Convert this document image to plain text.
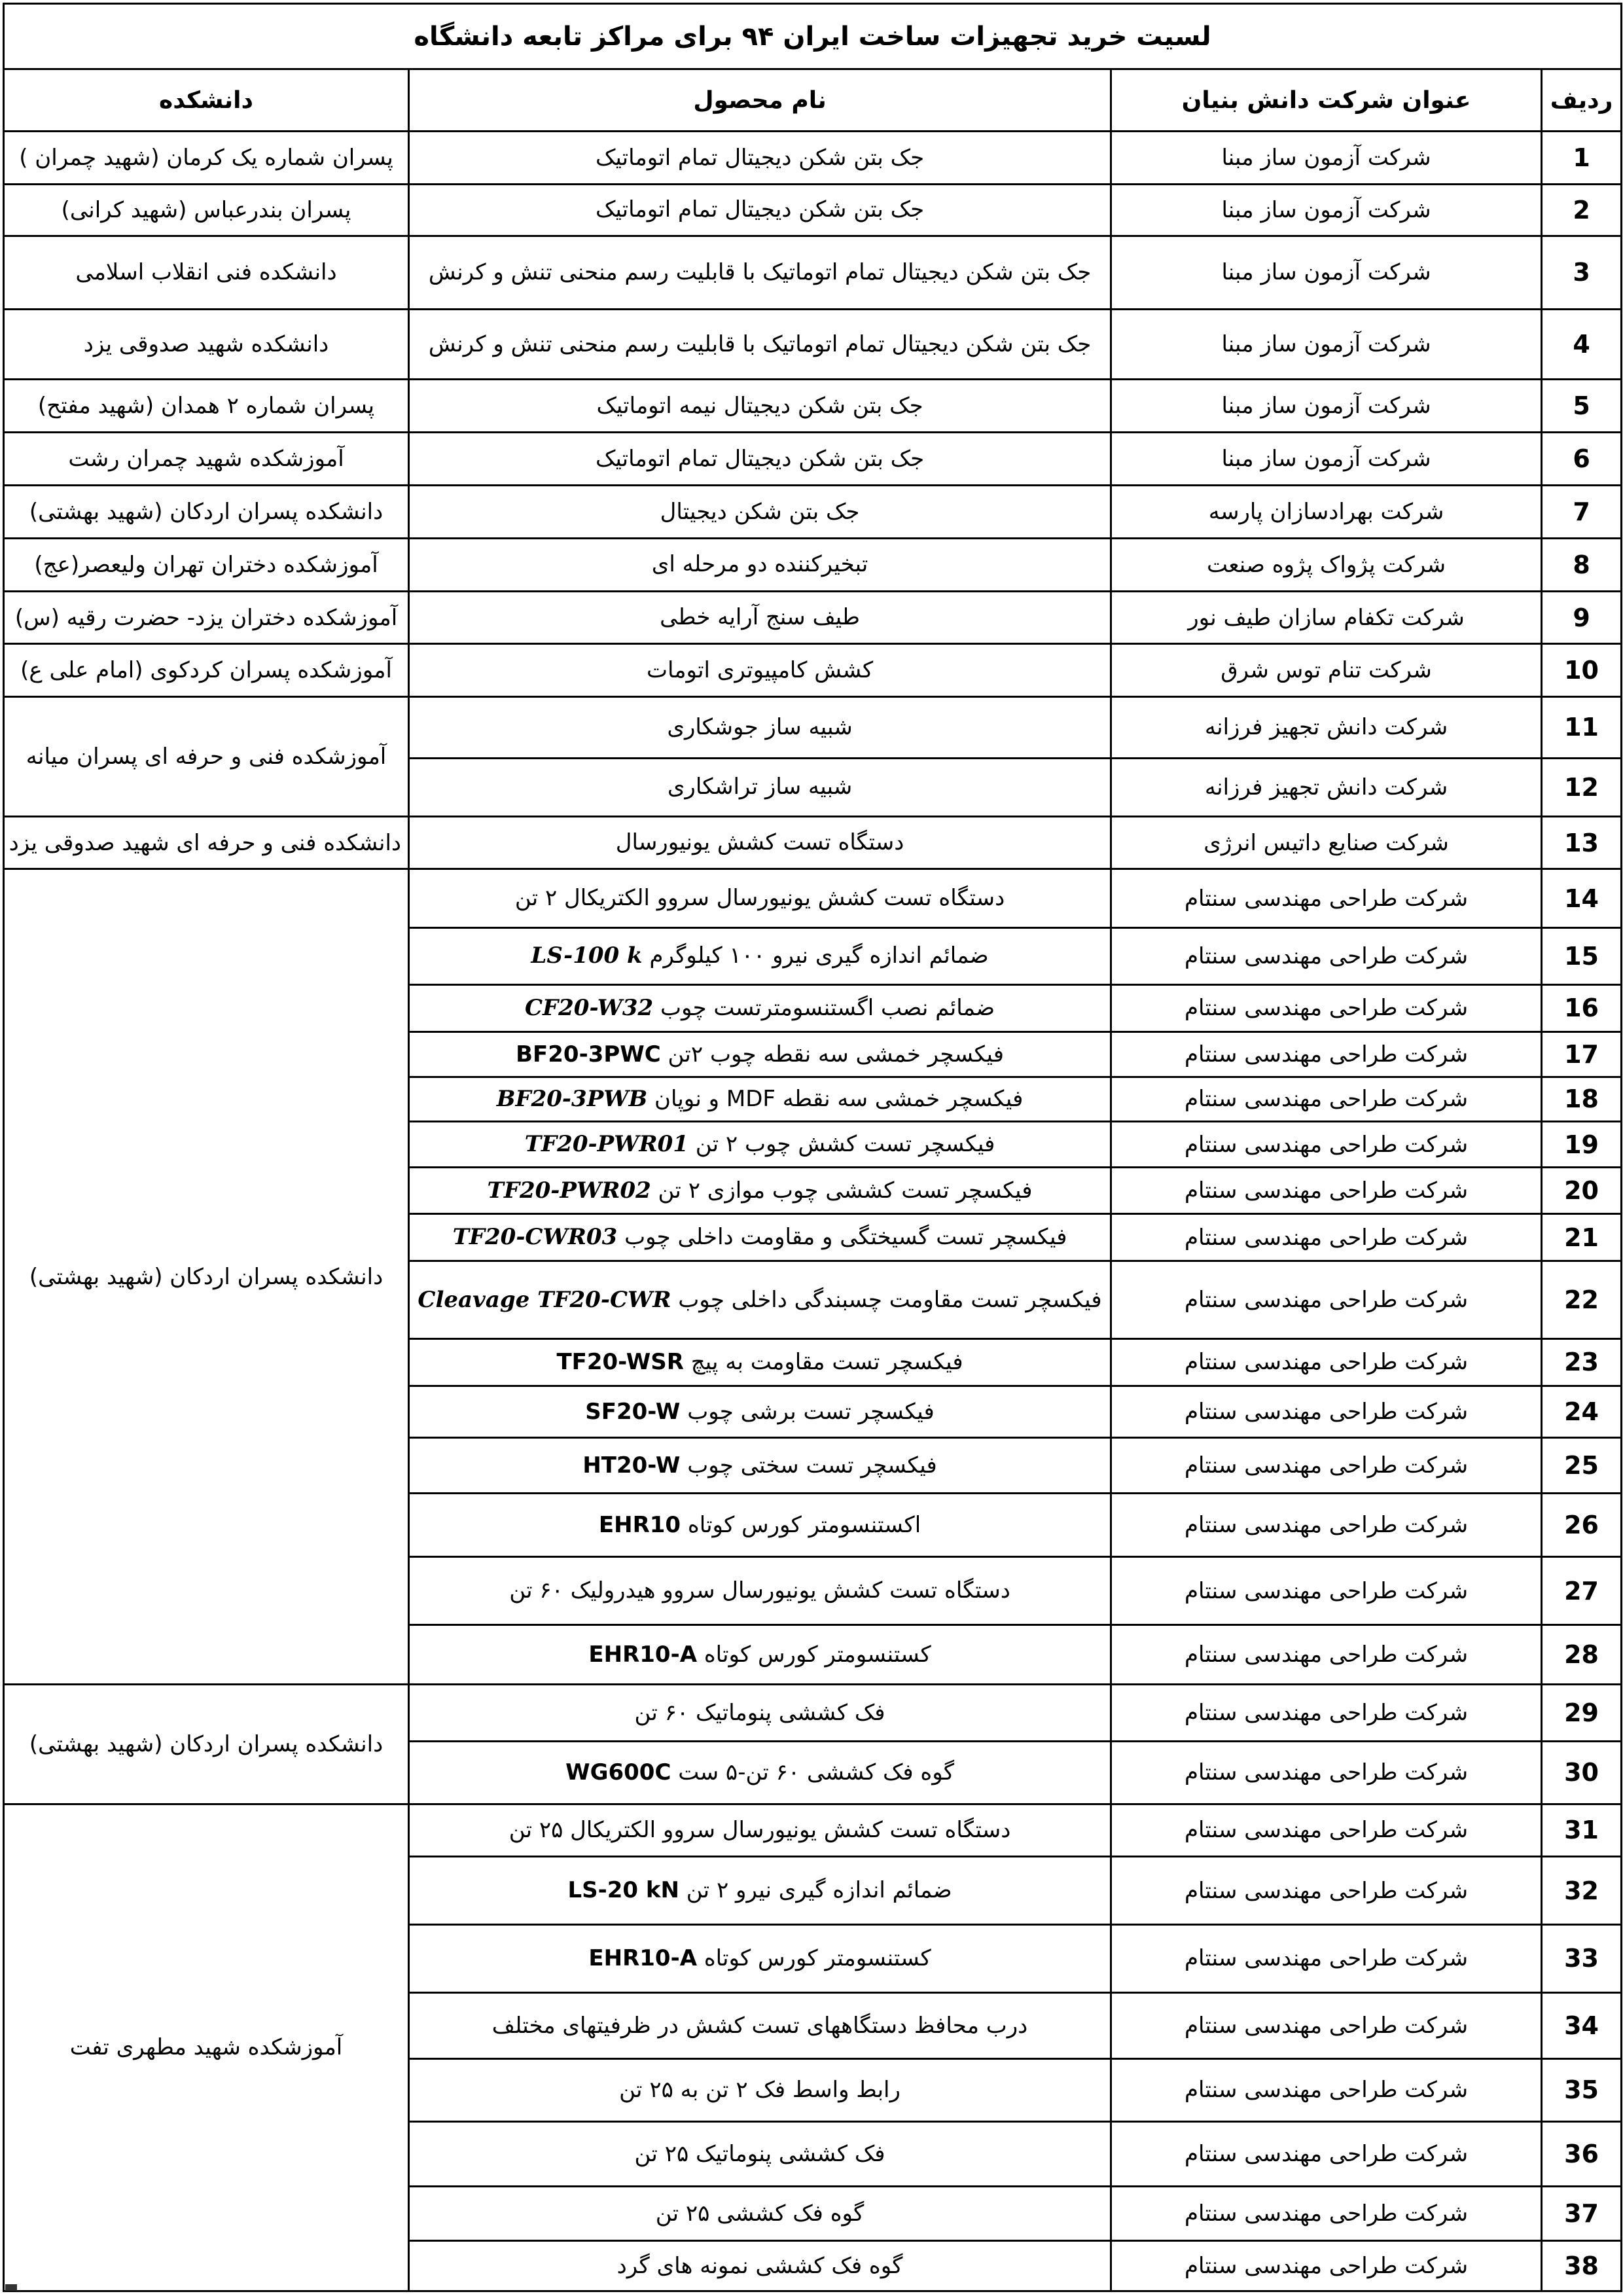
لسیت خرید تجهیزات ساخت ایران ۹۴ برای مراکز تابعه دانشگاه			
ردیف	عنوان شرکت دانش بنیان	نام محصول	دانشکده
1	شرکت آزمون ساز مبنا	جک بتن شکن دیجیتال تمام اتوماتیک	پسران شماره یک کرمان (شهید چمران )
2	شرکت آزمون ساز مبنا	جک بتن شکن دیجیتال تمام اتوماتیک	پسران بندرعباس (شهید کرانی)
3	شرکت آزمون ساز مبنا	جک بتن شکن دیجیتال تمام اتوماتیک با قابلیت رسم منحنی تنش و کرنش	دانشکده فنی انقلاب اسلامی
4	شرکت آزمون ساز مبنا	جک بتن شکن دیجیتال تمام اتوماتیک با قابلیت رسم منحنی تنش و کرنش	دانشکده شهید صدوقی یزد
5	شرکت آزمون ساز مبنا	جک بتن شکن دیجیتال نیمه اتوماتیک	پسران شماره ۲ همدان (شهید مفتح)
6	شرکت آزمون ساز مبنا	جک بتن شکن دیجیتال تمام اتوماتیک	آموزشکده شهید چمران رشت
7	شرکت بهرادسازان پارسه	جک بتن شکن دیجیتال	دانشکده پسران اردکان (شهید بهشتی)
8	شرکت پژواک پژوه صنعت	تبخیرکننده دو مرحله ای	آموزشکده دختران تهران ولیعصر(عج)
9	شرکت تکفام سازان طیف نور	طیف سنج آرایه خطی	آموزشکده دختران یزد- حضرت رقیه (س)
10	شرکت تنام توس شرق	کشش کامپیوتری اتومات	آموزشکده پسران کردکوی (امام علی ع)
11	شرکت دانش تجهیز فرزانه	شبیه ساز جوشکاری	آموزشکده فنی و حرفه ای پسران میانه
12	شرکت دانش تجهیز فرزانه	شبیه ساز تراشکاری	
13	شرکت صنایع داتیس انرژی	دستگاه تست کشش یونیورسال	دانشکده فنی و حرفه ای شهید صدوقی یزد
14	شرکت طراحی مهندسی سنتام	دستگاه تست کشش یونیورسال سروو الکتریکال ۲ تن	دانشکده پسران اردکان (شهید بهشتی)
15	شرکت طراحی مهندسی سنتام	ضمائم اندازه گیری نیرو ۱۰۰ کیلوگرم LS-100 k	
16	شرکت طراحی مهندسی سنتام	ضمائم نصب اگستنسومترتست چوب CF20-W32	
17	شرکت طراحی مهندسی سنتام	فیکسچر خمشی سه نقطه چوب ۲تن BF20-3PWC	
18	شرکت طراحی مهندسی سنتام	فیکسچر خمشی سه نقطه MDF و نوپان BF20-3PWB	
19	شرکت طراحی مهندسی سنتام	فیکسچر تست کشش چوب ۲ تن TF20-PWR01	
20	شرکت طراحی مهندسی سنتام	فیکسچر تست کششی چوب موازی ۲ تن TF20-PWR02	
21	شرکت طراحی مهندسی سنتام	فیکسچر تست گسیختگی و مقاومت داخلی چوب TF20-CWR03	
22	شرکت طراحی مهندسی سنتام	فیکسچر تست مقاومت چسبندگی داخلی چوب Cleavage TF20-CWR	
23	شرکت طراحی مهندسی سنتام	فیکسچر تست مقاومت به پیچ TF20-WSR	
24	شرکت طراحی مهندسی سنتام	فیکسچر تست برشی چوب SF20-W	
25	شرکت طراحی مهندسی سنتام	فیکسچر تست سختی چوب HT20-W	
26	شرکت طراحی مهندسی سنتام	اکستنسومتر کورس کوتاه EHR10	
27	شرکت طراحی مهندسی سنتام	دستگاه تست کشش یونیورسال سروو هیدرولیک ۶۰ تن	
28	شرکت طراحی مهندسی سنتام	کستنسومتر کورس کوتاه EHR10-A	
29	شرکت طراحی مهندسی سنتام	فک کششی پنوماتیک ۶۰ تن	دانشکده پسران اردکان (شهید بهشتی)
30	شرکت طراحی مهندسی سنتام	گوه فک کششی ۶۰ تن-۵ ست WG600C	
31	شرکت طراحی مهندسی سنتام	دستگاه تست کشش یونیورسال سروو الکتریکال ۲۵ تن	آموزشکده شهید مطهری تفت
32	شرکت طراحی مهندسی سنتام	ضمائم اندازه گیری نیرو ۲ تن LS-20 kN	
33	شرکت طراحی مهندسی سنتام	کستنسومتر کورس کوتاه EHR10-A	
34	شرکت طراحی مهندسی سنتام	درب محافظ دستگاههای تست کشش در ظرفیتهای مختلف	
35	شرکت طراحی مهندسی سنتام	رابط واسط فک ۲ تن به ۲۵ تن	
36	شرکت طراحی مهندسی سنتام	فک کششی پنوماتیک ۲۵ تن	
37	شرکت طراحی مهندسی سنتام	گوه فک کششی ۲۵ تن	
38	شرکت طراحی مهندسی سنتام	گوه فک کششی نمونه های گرد	
